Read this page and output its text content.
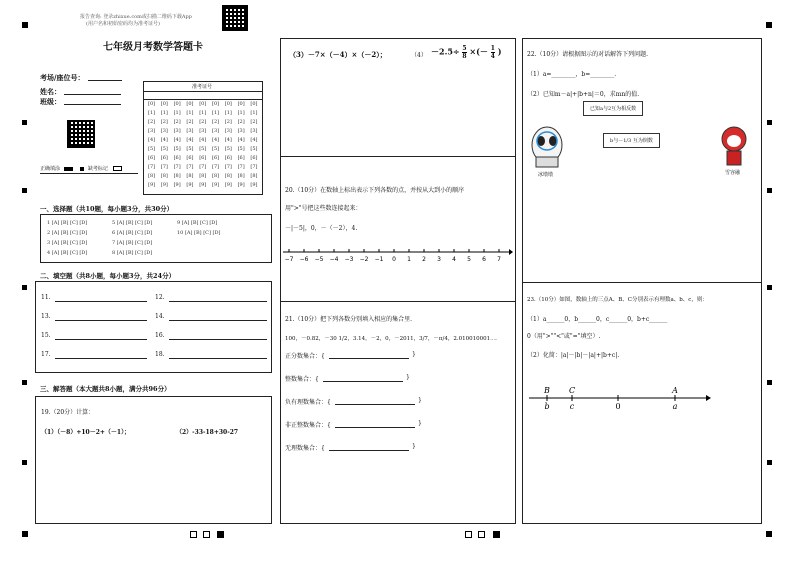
报告查询: 登录zhixue.com或扫描二维码下载App
(用户名和初始密码均为准考证号)
七年级月考数学答题卡
考场/座位号：
姓名：
班级：
准考证号
[0] [0] [0] [0] [0] [0] [0] [0] [0]
[1] [1] [1] [1] [1] [1] [1] [1] [1]
[2] [2] [2] [2] [2] [2] [2] [2] [2]
[3] [3] [3] [3] [3] [3] [3] [3] [3]
[4] [4] [4] [4] [4] [4] [4] [4] [4]
[5] [5] [5] [5] [5] [5] [5] [5] [5]
[6] [6] [6] [6] [6] [6] [6] [6] [6]
[7] [7] [7] [7] [7] [7] [7] [7] [7]
[8] [8] [8] [8] [8] [8] [8] [8] [8]
[9] [9] [9] [9] [9] [9] [9] [9] [9]
正确填涂	缺考标记
一、选择题（共10题，每小题3分，共30分）
1 [A] [B] [C] [D]	5 [A] [B] [C] [D]	9 [A] [B] [C] [D]
2 [A] [B] [C] [D]	6 [A] [B] [C] [D]	10 [A] [B] [C] [D]
3 [A] [B] [C] [D]	7 [A] [B] [C] [D]
4 [A] [B] [C] [D]	8 [A] [B] [C] [D]
二、填空题（共8小题，每小题3分，共24分）
11.	12.
13.	14.
15.	16.
17.	18.
三、解答题（本大题共8小题，满分共96分）
19.（20分）计算：
（1）（－8）+10－2+（－1）；	（2）-33-18+30-27
（3）－7×（－4）×（－2）；	（4） －2.5÷ 5

8 ×(－ 1

4 )
20.（10分）在数轴上标出表示下列各数的点，并按从大到小的顺序
用">"号把这些数连接起来：
－|－5|，0，－（－2），4.
−7 −6 −5 −4 −3 −2 −1 0 1 2 3 4 5 6 7
21.（10分）把下列各数分别填入相应的集合里.
100，－0.82，－30 1/2，3.14，－2，0，－2011，3/7，－π/4，2.010010001⋯.
正分数集合：{	}
整数集合：{	}
负有理数集合：{	}
非正整数集合：{	}
无理数集合：{	}
22.（10分）请根据图示的对话解答下列问题.
（1）a=________，b=________.
（2）已知m－a|+|b+n|＝0，求mn的值.
冰墩墩
已知a与2互为相反数
b与－1/3 互为倒数
雪容融
23.（10分）如图，数轴上的三点A、B、C分别表示有理数a、b、c，则：
（1）a______0，b______0，c______0，b+c______
0（用">""<"或"="填空）.
（2）化简：|a|－|b|－|a|+|b+c|.
b
B
c
C
0	a
A
